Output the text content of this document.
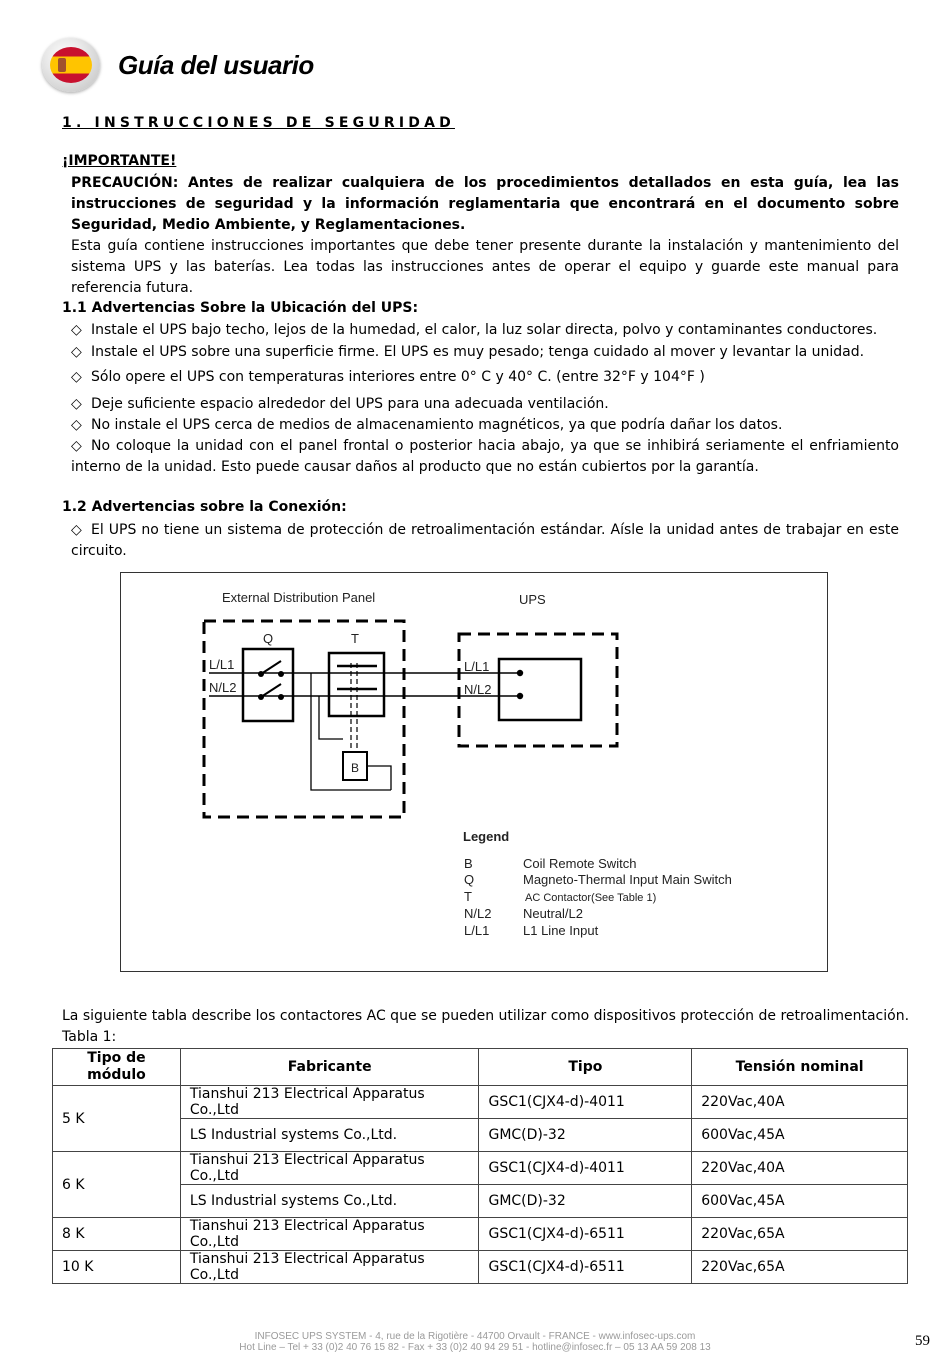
Guía del usuario
1. INSTRUCCIONES DE SEGURIDAD
¡IMPORTANTE!
PRECAUCIÓN: Antes de realizar cualquiera de los procedimientos detallados en esta guía, lea las instrucciones de seguridad y la información reglamentaria que encontrará en el documento sobre Seguridad, Medio Ambiente, y Reglamentaciones.
Esta guía contiene instrucciones importantes que debe tener presente durante la instalación y mantenimiento del sistema UPS y las baterías. Lea todas las instrucciones antes de operar el equipo y guarde este manual para referencia futura.
1.1 Advertencias Sobre la Ubicación del UPS:
◇ Instale el UPS bajo techo, lejos de la humedad, el calor, la luz solar directa, polvo y contaminantes conductores.
◇ Instale el UPS sobre una superficie firme. El UPS es muy pesado; tenga cuidado al mover y levantar la unidad.
◇ Sólo opere el UPS con temperaturas interiores entre 0° C y 40° C. (entre 32°F y 104°F )
◇ Deje suficiente espacio alrededor del UPS para una adecuada ventilación.
◇ No instale el UPS cerca de medios de almacenamiento magnéticos, ya que podría dañar los datos.
◇ No coloque la unidad con el panel frontal o posterior hacia abajo, ya que se inhibirá seriamente el enfriamiento interno de la unidad. Esto puede causar daños al producto que no están cubiertos por la garantía.
1.2 Advertencias sobre la Conexión:
◇ El UPS no tiene un sistema de protección de retroalimentación estándar. Aísle la unidad antes de trabajar en este circuito.
External Distribution Panel	UPS
Q	T
B
L/L1
N/L2
L/L1
N/L2
Legend
B	Coil Remote Switch
Q	Magneto-Thermal Input Main Switch
T	AC Contactor(See Table 1)
N/L2 Neutral/L2
L/L1	L1 Line Input
La siguiente tabla describe los contactores AC que se pueden utilizar como dispositivos protección de retroalimentación.
Tabla 1:
Tipo de módulo	Fabricante	Tipo	Tensión nominal
5 K	Tianshui 213 Electrical Apparatus Co.,Ltd	GSC1(CJX4-d)-4011	220Vac,40A
	LS Industrial systems Co.,Ltd.	GMC(D)-32	600Vac,45A
6 K	Tianshui 213 Electrical Apparatus Co.,Ltd	GSC1(CJX4-d)-4011	220Vac,40A
	LS Industrial systems Co.,Ltd.	GMC(D)-32	600Vac,45A
8 K	Tianshui 213 Electrical Apparatus Co.,Ltd	GSC1(CJX4-d)-6511	220Vac,65A
10 K	Tianshui 213 Electrical Apparatus Co.,Ltd	GSC1(CJX4-d)-6511	220Vac,65A
INFOSEC UPS SYSTEM - 4, rue de la Rigotière - 44700 Orvault - FRANCE - www.infosec-ups.com
Hot Line – Tel + 33 (0)2 40 76 15 82 - Fax + 33 (0)2 40 94 29 51 - hotline@infosec.fr – 05 13 AA 59 208 13	59
